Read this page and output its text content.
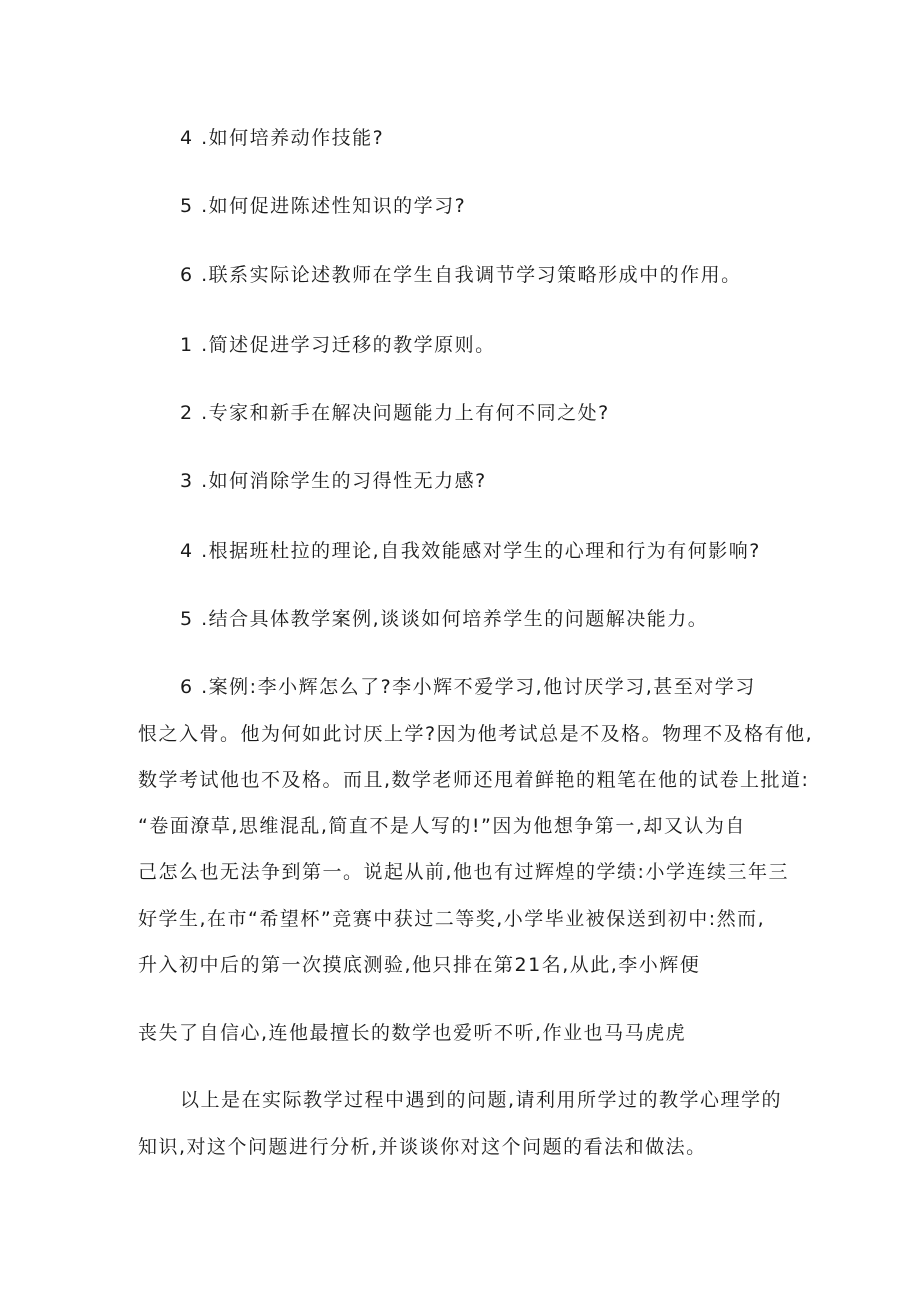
4 .如何培养动作技能?
5 .如何促进陈述性知识的学习?
6 .联系实际论述教师在学生自我调节学习策略形成中的作用。
1 .简述促进学习迁移的教学原则。
2 .专家和新手在解决问题能力上有何不同之处?
3 .如何消除学生的习得性无力感?
4 .根据班杜拉的理论,自我效能感对学生的心理和行为有何影响?
5 .结合具体教学案例,谈谈如何培养学生的问题解决能力。
6 .案例:李小辉怎么了?李小辉不爱学习,他讨厌学习,甚至对学习
恨之入骨。他为何如此讨厌上学?因为他考试总是不及格。物理不及格有他,
数学考试他也不及格。而且,数学老师还甩着鲜艳的粗笔在他的试卷上批道:
“卷面潦草,思维混乱,简直不是人写的!”因为他想争第一,却又认为自
己怎么也无法争到第一。说起从前,他也有过辉煌的学绩:小学连续三年三
好学生,在市“希望杯”竞赛中获过二等奖,小学毕业被保送到初中:然而,
升入初中后的第一次摸底测验,他只排在第21名,从此,李小辉便
丧失了自信心,连他最擅长的数学也爱听不听,作业也马马虎虎
以上是在实际教学过程中遇到的问题,请利用所学过的教学心理学的
知识,对这个问题进行分析,并谈谈你对这个问题的看法和做法。
